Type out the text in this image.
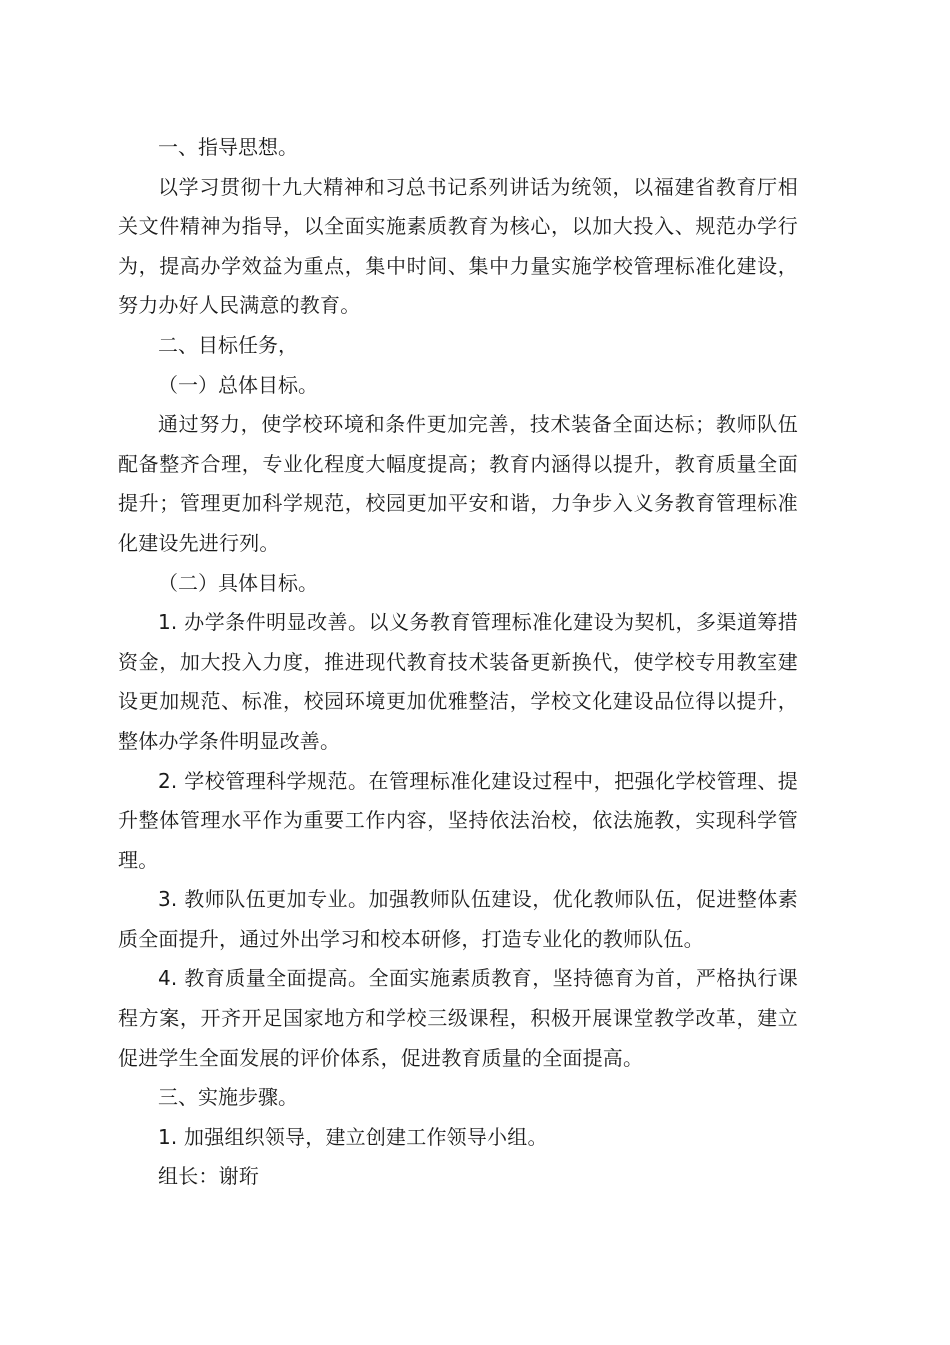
一、指导思想。

以学习贯彻十九大精神和习总书记系列讲话为统领，以福建省教育厅相关文件精神为指导，以全面实施素质教育为核心，以加大投入、规范办学行为，提高办学效益为重点，集中时间、集中力量实施学校管理标准化建设，努力办好人民满意的教育。

二、目标任务，

（一）总体目标。

通过努力，使学校环境和条件更加完善，技术装备全面达标；教师队伍配备整齐合理，专业化程度大幅度提高；教育内涵得以提升，教育质量全面提升；管理更加科学规范，校园更加平安和谐，力争步入义务教育管理标准化建设先进行列。

（二）具体目标。

1. 办学条件明显改善。以义务教育管理标准化建设为契机，多渠道筹措资金，加大投入力度，推进现代教育技术装备更新换代，使学校专用教室建设更加规范、标准，校园环境更加优雅整洁，学校文化建设品位得以提升，整体办学条件明显改善。

2. 学校管理科学规范。在管理标准化建设过程中，把强化学校管理、提升整体管理水平作为重要工作内容，坚持依法治校，依法施教，实现科学管理。

3. 教师队伍更加专业。加强教师队伍建设，优化教师队伍，促进整体素质全面提升，通过外出学习和校本研修，打造专业化的教师队伍。

4. 教育质量全面提高。全面实施素质教育，坚持德育为首，严格执行课程方案，开齐开足国家地方和学校三级课程，积极开展课堂教学改革，建立促进学生全面发展的评价体系，促进教育质量的全面提高。

三、实施步骤。

1. 加强组织领导，建立创建工作领导小组。

组长：谢珩
